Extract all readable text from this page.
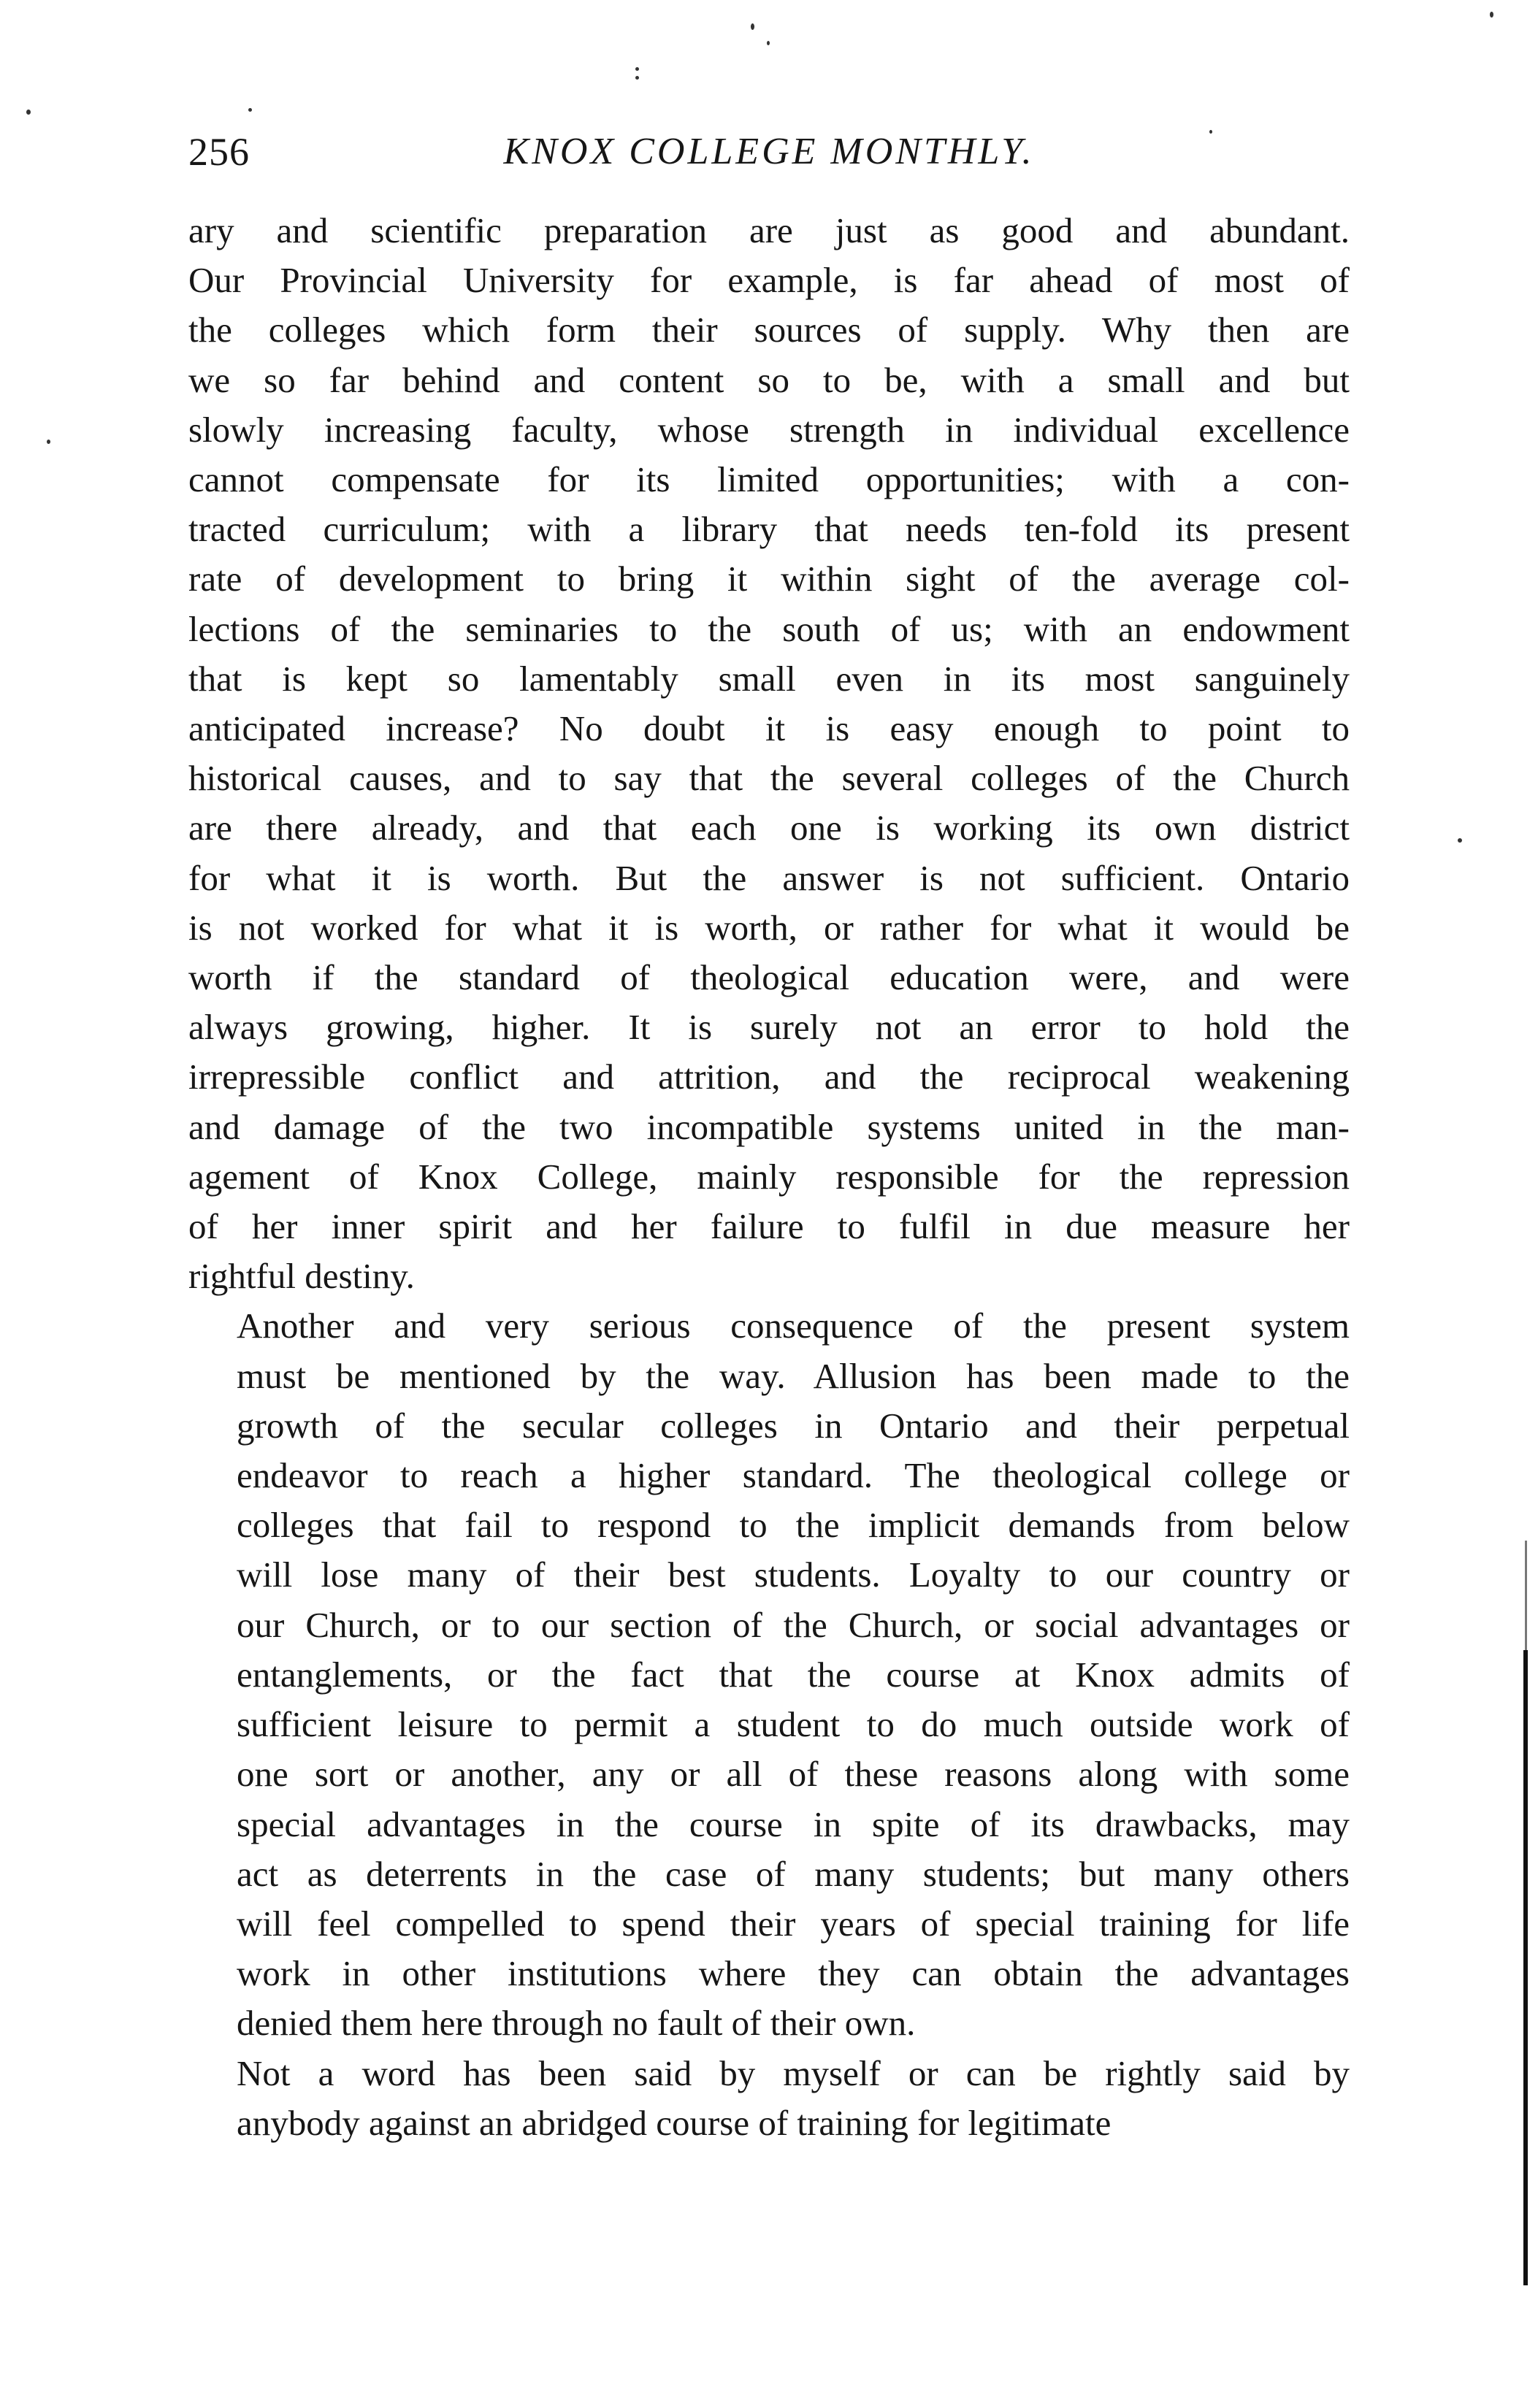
256	KNOX COLLEGE MONTHLY.
ary and scientific preparation are just as good and abundant.
Our Provincial University for example, is far ahead of most of
the colleges which form their sources of supply. Why then are
we so far behind and content so to be, with a small and but
slowly increasing faculty, whose strength in individual excellence
cannot compensate for its limited opportunities; with a con-
tracted curriculum; with a library that needs ten-fold its present
rate of development to bring it within sight of the average col-
lections of the seminaries to the south of us; with an endowment
that is kept so lamentably small even in its most sanguinely
anticipated increase? No doubt it is easy enough to point to
historical causes, and to say that the several colleges of the Church
are there already, and that each one is working its own district
for what it is worth. But the answer is not sufficient. Ontario
is not worked for what it is worth, or rather for what it would be
worth if the standard of theological education were, and were
always growing, higher. It is surely not an error to hold the
irrepressible conflict and attrition, and the reciprocal weakening
and damage of the two incompatible systems united in the man-
agement of Knox College, mainly responsible for the repression
of her inner spirit and her failure to fulfil in due measure her
rightful destiny.
Another and very serious consequence of the present system
must be mentioned by the way. Allusion has been made to the
growth of the secular colleges in Ontario and their perpetual
endeavor to reach a higher standard. The theological college or
colleges that fail to respond to the implicit demands from below
will lose many of their best students. Loyalty to our country or
our Church, or to our section of the Church, or social advantages or
entanglements, or the fact that the course at Knox admits of
sufficient leisure to permit a student to do much outside work of
one sort or another, any or all of these reasons along with some
special advantages in the course in spite of its drawbacks, may
act as deterrents in the case of many students; but many others
will feel compelled to spend their years of special training for life
work in other institutions where they can obtain the advantages
denied them here through no fault of their own.
Not a word has been said by myself or can be rightly said by
anybody against an abridged course of training for legitimate
